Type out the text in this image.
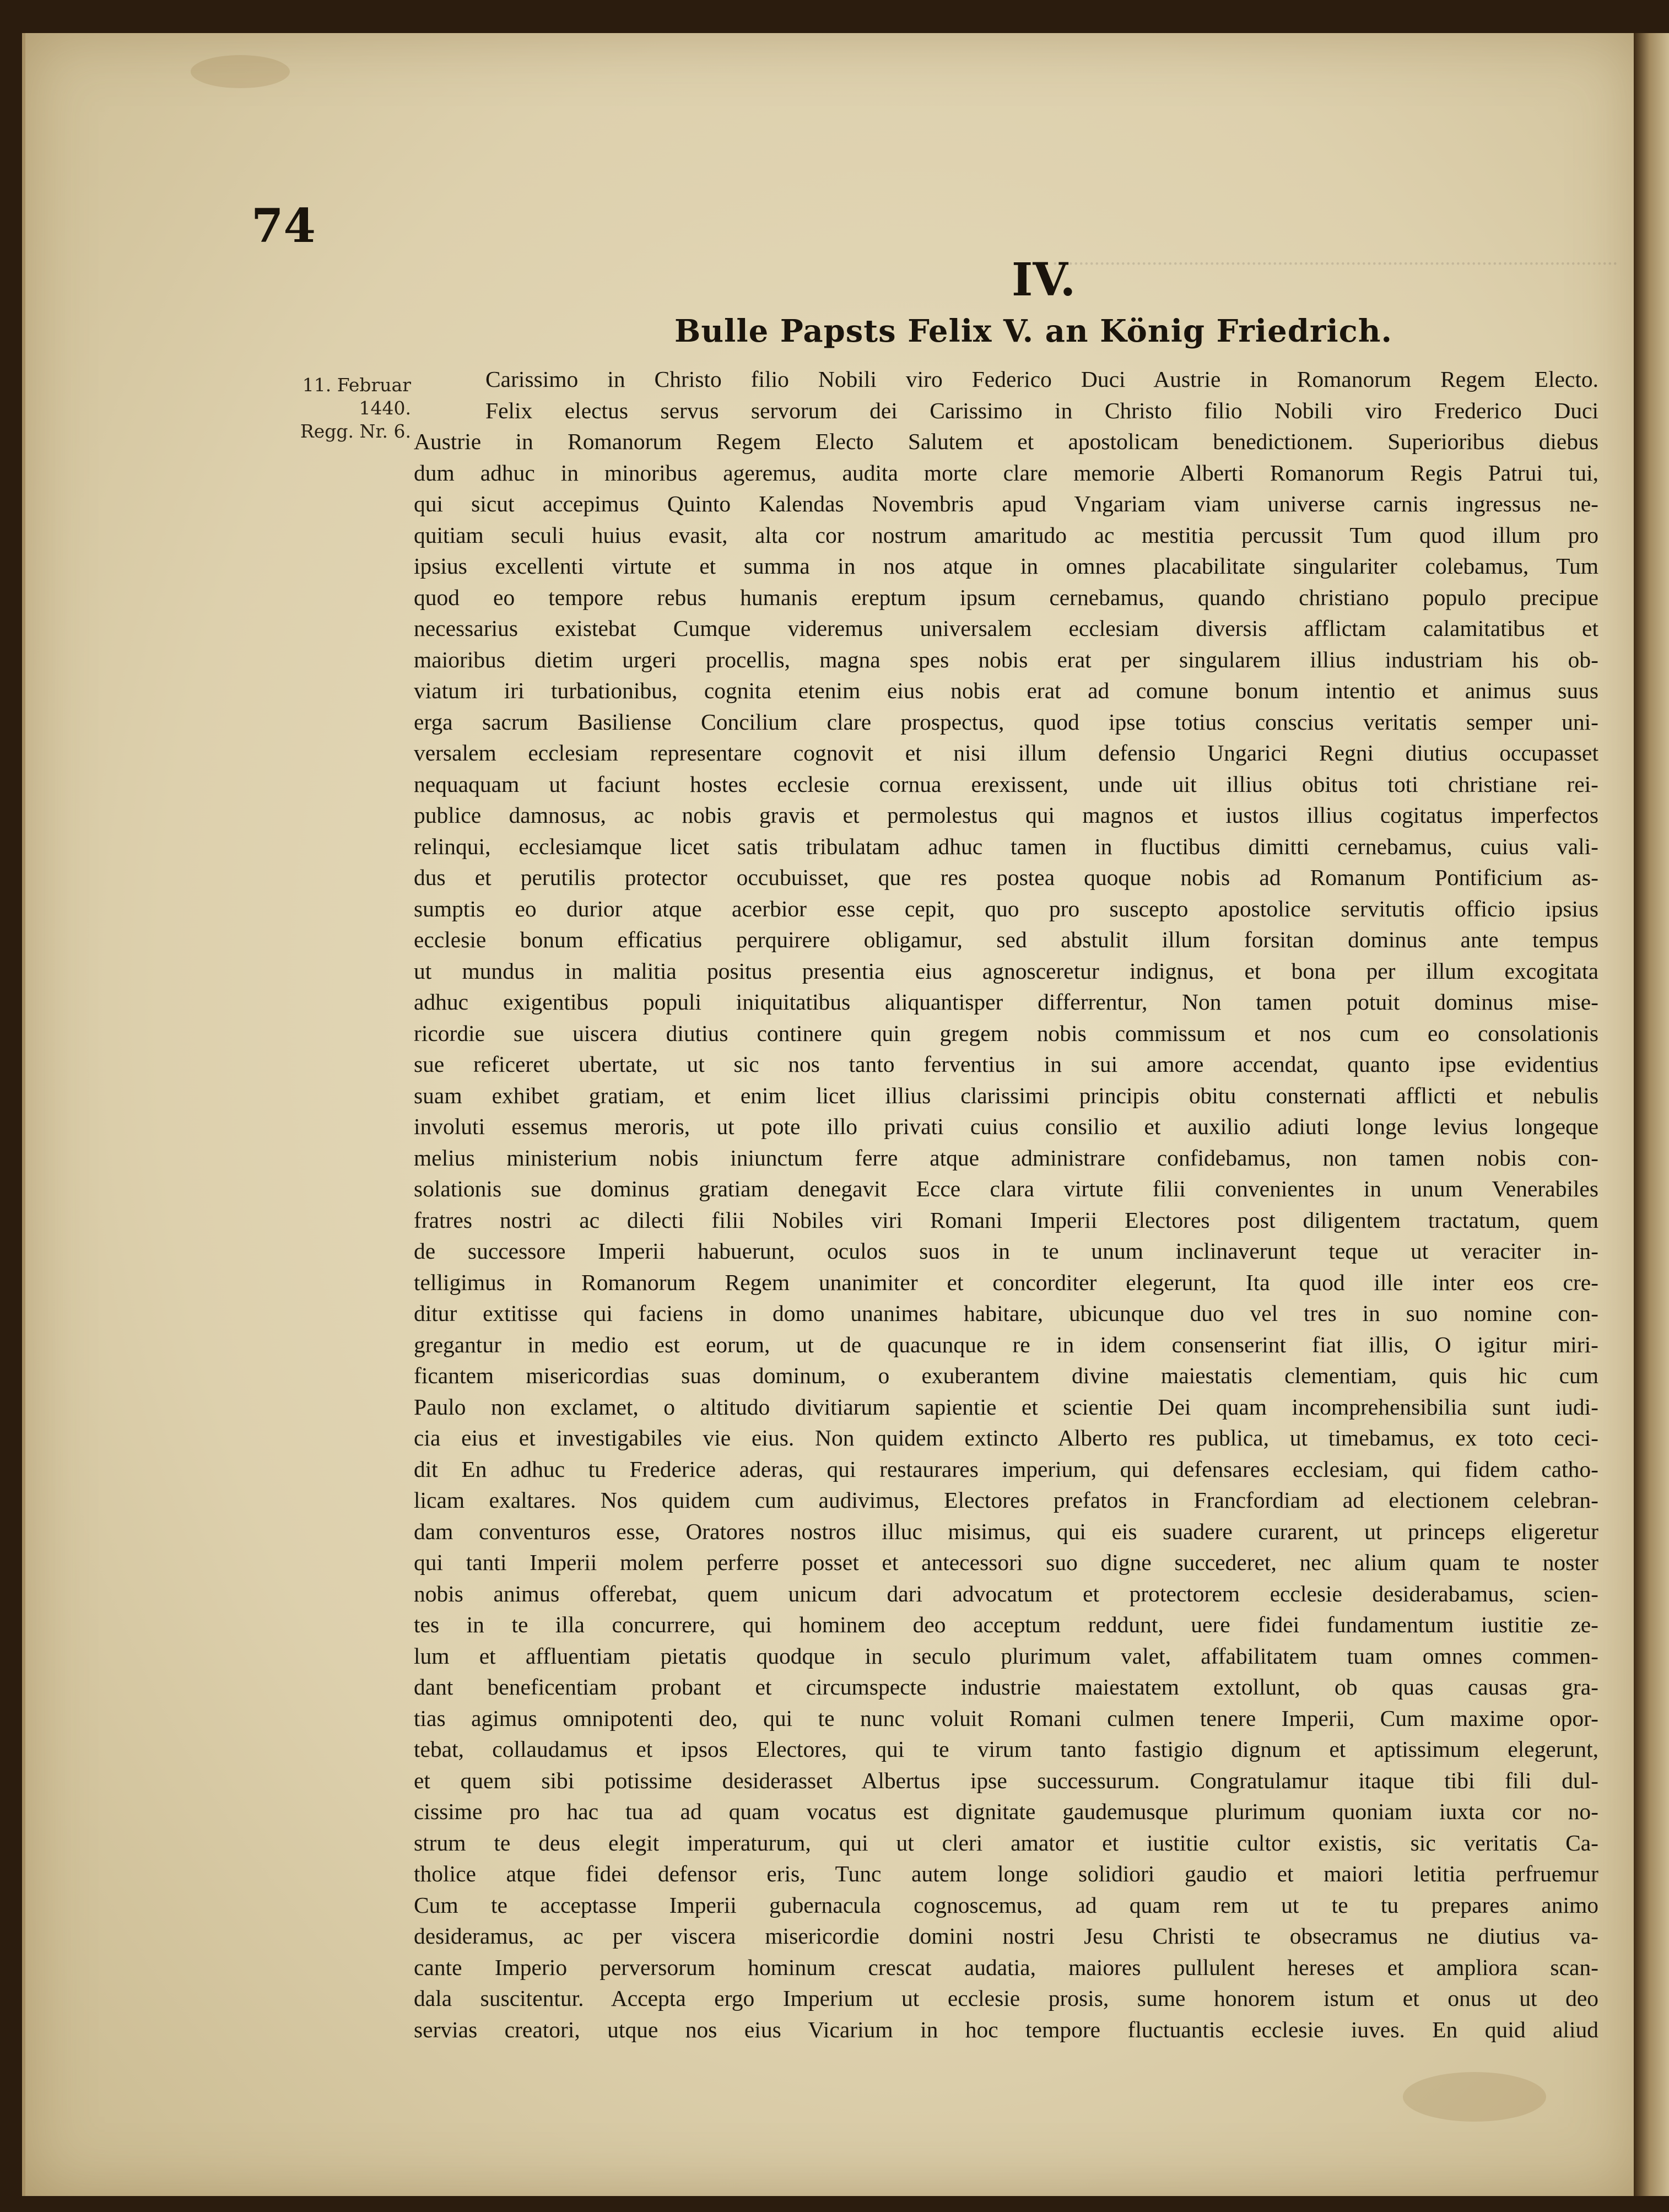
............................................................................................................
74
IV.
Bulle Papsts Felix V. an König Friedrich.
11. Februar
1440.
Regg. Nr. 6.
Carissimo in Christo filio Nobili viro Federico Duci Austrie in Romanorum Regem Electo.
Felix electus servus servorum dei Carissimo in Christo filio Nobili viro Frederico Duci
Austrie in Romanorum Regem Electo Salutem et apostolicam benedictionem. Superioribus diebus
dum adhuc in minoribus ageremus, audita morte clare memorie Alberti Romanorum Regis Patrui tui,
qui sicut accepimus Quinto Kalendas Novembris apud Vngariam viam universe carnis ingressus ne-
quitiam seculi huius evasit, alta cor nostrum amaritudo ac mestitia percussit Tum quod illum pro
ipsius excellenti virtute et summa in nos atque in omnes placabilitate singulariter colebamus, Tum
quod eo tempore rebus humanis ereptum ipsum cernebamus, quando christiano populo precipue
necessarius existebat Cumque videremus universalem ecclesiam diversis afflictam calamitatibus et
maioribus dietim urgeri procellis, magna spes nobis erat per singularem illius industriam his ob-
viatum iri turbationibus, cognita etenim eius nobis erat ad comune bonum intentio et animus suus
erga sacrum Basiliense Concilium clare prospectus, quod ipse totius conscius veritatis semper uni-
versalem ecclesiam representare cognovit et nisi illum defensio Ungarici Regni diutius occupasset
nequaquam ut faciunt hostes ecclesie cornua erexissent, unde uit illius obitus toti christiane rei-
publice damnosus, ac nobis gravis et permolestus qui magnos et iustos illius cogitatus imperfectos
relinqui, ecclesiamque licet satis tribulatam adhuc tamen in fluctibus dimitti cernebamus, cuius vali-
dus et perutilis protector occubuisset, que res postea quoque nobis ad Romanum Pontificium as-
sumptis eo durior atque acerbior esse cepit, quo pro suscepto apostolice servitutis officio ipsius
ecclesie bonum efficatius perquirere obligamur, sed abstulit illum forsitan dominus ante tempus
ut mundus in malitia positus presentia eius agnosceretur indignus, et bona per illum excogitata
adhuc exigentibus populi iniquitatibus aliquantisper differrentur, Non tamen potuit dominus mise-
ricordie sue uiscera diutius continere quin gregem nobis commissum et nos cum eo consolationis
sue reficeret ubertate, ut sic nos tanto ferventius in sui amore accendat, quanto ipse evidentius
suam exhibet gratiam, et enim licet illius clarissimi principis obitu consternati afflicti et nebulis
involuti essemus meroris, ut pote illo privati cuius consilio et auxilio adiuti longe levius longeque
melius ministerium nobis iniunctum ferre atque administrare confidebamus, non tamen nobis con-
solationis sue dominus gratiam denegavit Ecce clara virtute filii convenientes in unum Venerabiles
fratres nostri ac dilecti filii Nobiles viri Romani Imperii Electores post diligentem tractatum, quem
de successore Imperii habuerunt, oculos suos in te unum inclinaverunt teque ut veraciter in-
telligimus in Romanorum Regem unanimiter et concorditer elegerunt, Ita quod ille inter eos cre-
ditur extitisse qui faciens in domo unanimes habitare, ubicunque duo vel tres in suo nomine con-
gregantur in medio est eorum, ut de quacunque re in idem consenserint fiat illis, O igitur miri-
ficantem misericordias suas dominum, o exuberantem divine maiestatis clementiam, quis hic cum
Paulo non exclamet, o altitudo divitiarum sapientie et scientie Dei quam incomprehensibilia sunt iudi-
cia eius et investigabiles vie eius. Non quidem extincto Alberto res publica, ut timebamus, ex toto ceci-
dit En adhuc tu Frederice aderas, qui restaurares imperium, qui defensares ecclesiam, qui fidem catho-
licam exaltares. Nos quidem cum audivimus, Electores prefatos in Francfordiam ad electionem celebran-
dam conventuros esse, Oratores nostros illuc misimus, qui eis suadere curarent, ut princeps eligeretur
qui tanti Imperii molem perferre posset et antecessori suo digne succederet, nec alium quam te noster
nobis animus offerebat, quem unicum dari advocatum et protectorem ecclesie desiderabamus, scien-
tes in te illa concurrere, qui hominem deo acceptum reddunt, uere fidei fundamentum iustitie ze-
lum et affluentiam pietatis quodque in seculo plurimum valet, affabilitatem tuam omnes commen-
dant beneficentiam probant et circumspecte industrie maiestatem extollunt, ob quas causas gra-
tias agimus omnipotenti deo, qui te nunc voluit Romani culmen tenere Imperii, Cum maxime opor-
tebat, collaudamus et ipsos Electores, qui te virum tanto fastigio dignum et aptissimum elegerunt,
et quem sibi potissime desiderasset Albertus ipse successurum. Congratulamur itaque tibi fili dul-
cissime pro hac tua ad quam vocatus est dignitate gaudemusque plurimum quoniam iuxta cor no-
strum te deus elegit imperaturum, qui ut cleri amator et iustitie cultor existis, sic veritatis Ca-
tholice atque fidei defensor eris, Tunc autem longe solidiori gaudio et maiori letitia perfruemur
Cum te acceptasse Imperii gubernacula cognoscemus, ad quam rem ut te tu prepares animo
desideramus, ac per viscera misericordie domini nostri Jesu Christi te obsecramus ne diutius va-
cante Imperio perversorum hominum crescat audatia, maiores pullulent hereses et ampliora scan-
dala suscitentur. Accepta ergo Imperium ut ecclesie prosis, sume honorem istum et onus ut deo
servias creatori, utque nos eius Vicarium in hoc tempore fluctuantis ecclesie iuves. En quid aliud
